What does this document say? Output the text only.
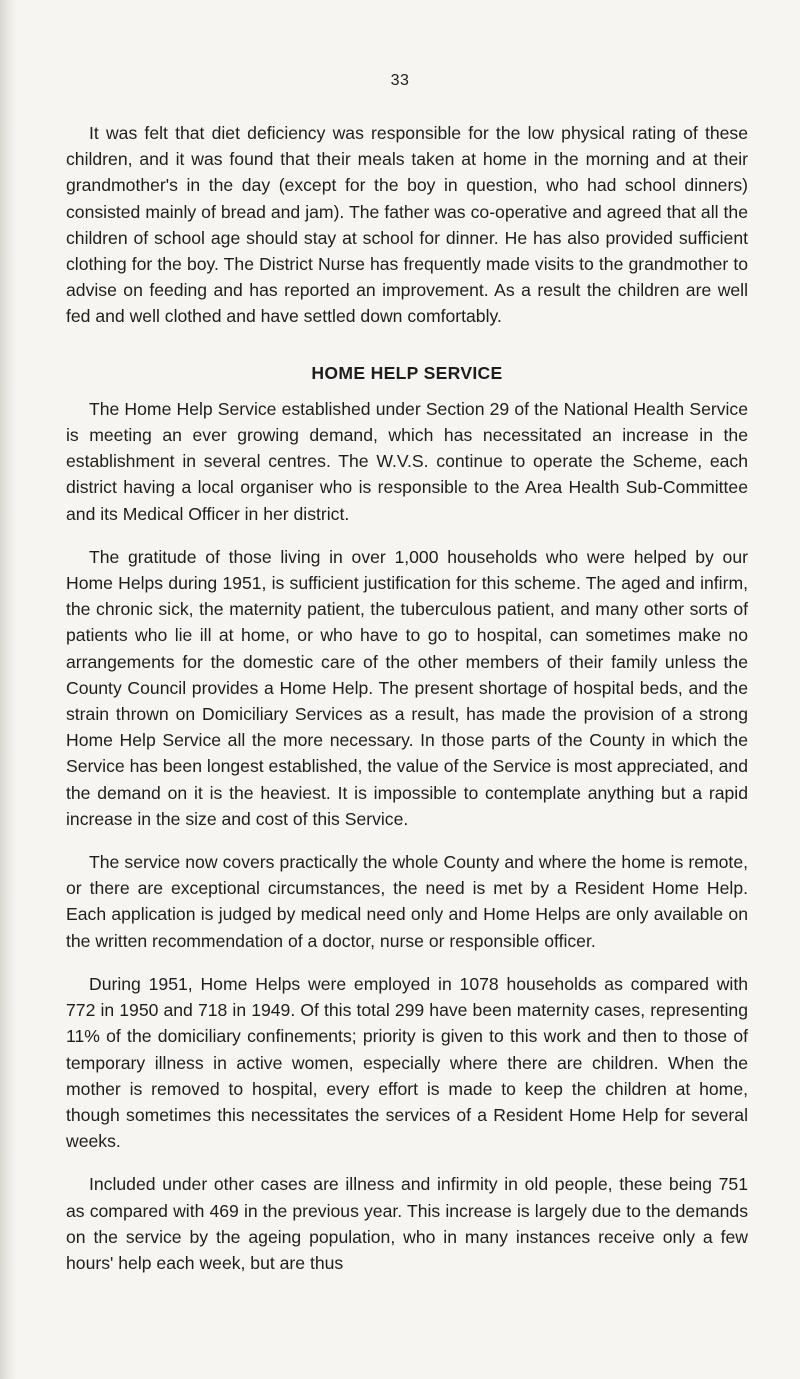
33

It was felt that diet deficiency was responsible for the low physical rating of these children, and it was found that their meals taken at home in the morning and at their grandmother's in the day (except for the boy in question, who had school dinners) consisted mainly of bread and jam). The father was co-operative and agreed that all the children of school age should stay at school for dinner. He has also provided sufficient clothing for the boy. The District Nurse has frequently made visits to the grandmother to advise on feeding and has reported an improvement. As a result the children are well fed and well clothed and have settled down comfortably.

HOME HELP SERVICE

The Home Help Service established under Section 29 of the National Health Service is meeting an ever growing demand, which has necessitated an increase in the establishment in several centres. The W.V.S. continue to operate the Scheme, each district having a local organiser who is responsible to the Area Health Sub-Committee and its Medical Officer in her district.

The gratitude of those living in over 1,000 households who were helped by our Home Helps during 1951, is sufficient justification for this scheme. The aged and infirm, the chronic sick, the maternity patient, the tuberculous patient, and many other sorts of patients who lie ill at home, or who have to go to hospital, can sometimes make no arrangements for the domestic care of the other members of their family unless the County Council provides a Home Help. The present shortage of hospital beds, and the strain thrown on Domiciliary Services as a result, has made the provision of a strong Home Help Service all the more necessary. In those parts of the County in which the Service has been longest established, the value of the Service is most appreciated, and the demand on it is the heaviest. It is impossible to contemplate anything but a rapid increase in the size and cost of this Service.

The service now covers practically the whole County and where the home is remote, or there are exceptional circumstances, the need is met by a Resident Home Help. Each application is judged by medical need only and Home Helps are only available on the written recommendation of a doctor, nurse or responsible officer.

During 1951, Home Helps were employed in 1078 households as compared with 772 in 1950 and 718 in 1949. Of this total 299 have been maternity cases, representing 11% of the domiciliary confinements; priority is given to this work and then to those of temporary illness in active women, especially where there are children. When the mother is removed to hospital, every effort is made to keep the children at home, though sometimes this necessitates the services of a Resident Home Help for several weeks.

Included under other cases are illness and infirmity in old people, these being 751 as compared with 469 in the previous year. This increase is largely due to the demands on the service by the ageing population, who in many instances receive only a few hours' help each week, but are thus
